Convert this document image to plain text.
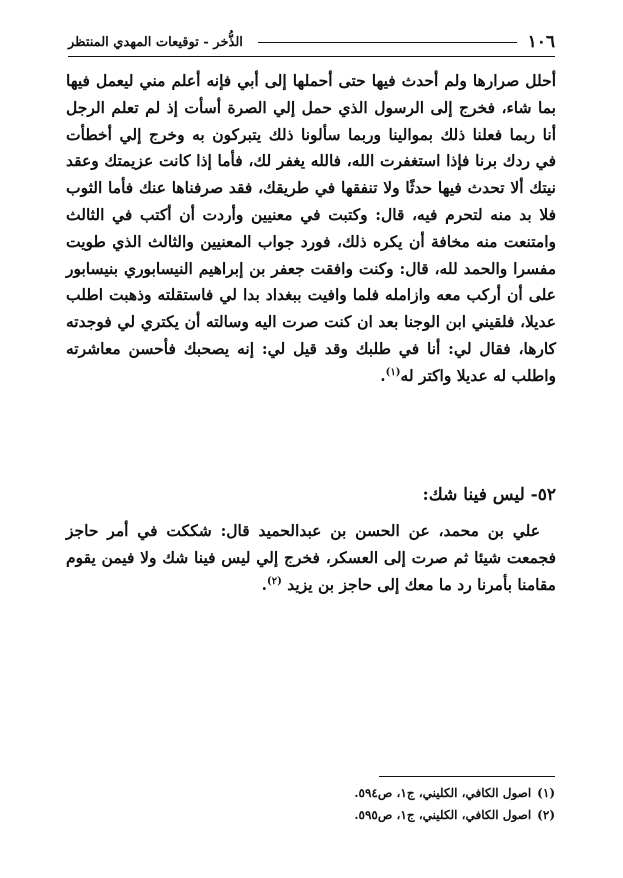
١٠٦
الذُّخر - توقيعات المهدي المنتظر

أحلل صرارها ولم أحدث فيها حتى أحملها إلى أبي فإنه أعلم مني ليعمل فيها بما شاء، فخرج إلى الرسول الذي حمل إلي الصرة أسأت إذ لم تعلم الرجل أنا ربما فعلنا ذلك بموالينا وربما سألونا ذلك يتبركون به وخرج إلي أخطأت في ردك برنا فإذا استغفرت الله، فالله يغفر لك، فأما إذا كانت عزيمتك وعقد نيتك ألا تحدث فيها حدثًا ولا تنفقها في طريقك، فقد صرفناها عنك فأما الثوب فلا بد منه لتحرم فيه، قال: وكتبت في معنيين وأردت أن أكتب في الثالث وامتنعت منه مخافة أن يكره ذلك، فورد جواب المعنيين والثالث الذي طويت مفسرا والحمد لله، قال: وكنت وافقت جعفر بن إبراهيم النيسابوري بنيسابور على أن أركب معه وازامله فلما وافيت ببغداد بدا لي فاستقلته وذهبت اطلب عديلا، فلقيني ابن الوجنا بعد ان كنت صرت اليه وسالته أن يكتري لي فوجدته كارها، فقال لي: أنا في طلبك وقد قيل لي: إنه يصحبك فأحسن معاشرته واطلب له عديلا واكتر له$^{(١)}$.

٥٢- ليس فينا شك:

علي بن محمد، عن الحسن بن عبدالحميد قال: شككت في أمر حاجز فجمعت شيئا ثم صرت إلى العسكر، فخرج إلي ليس فينا شك ولا فيمن يقوم مقامنا بأمرنا رد ما معك إلى حاجز بن يزيد $^{(٢)}$.

(١)اصول الكافي، الكليني، ج١، ص٥٩٤.

(٢)اصول الكافي، الكليني، ج١، ص٥٩٥.
